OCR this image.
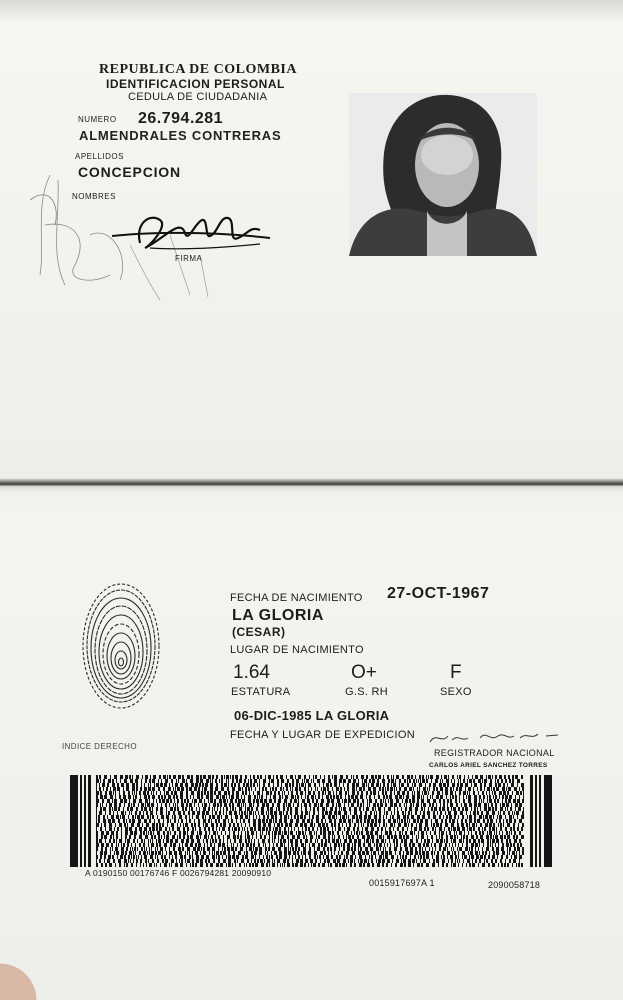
REPUBLICA DE COLOMBIA
IDENTIFICACION PERSONAL
CEDULA DE CIUDADANIA
NUMERO 26.794.281
ALMENDRALES CONTRERAS
APELLIDOS
CONCEPCION
NOMBRES
FIRMA
INDICE DERECHO
FECHA DE NACIMIENTO 27-OCT-1967
LA GLORIA
(CESAR)
LUGAR DE NACIMIENTO
1.64
ESTATURA
O+
G.S. RH
F
SEXO
06-DIC-1985 LA GLORIA
FECHA Y LUGAR DE EXPEDICION
REGISTRADOR NACIONAL
CARLOS ARIEL SANCHEZ TORRES
A 0190150 00176746 F 0026794281 20090910
0015917697A 1	2090058718
